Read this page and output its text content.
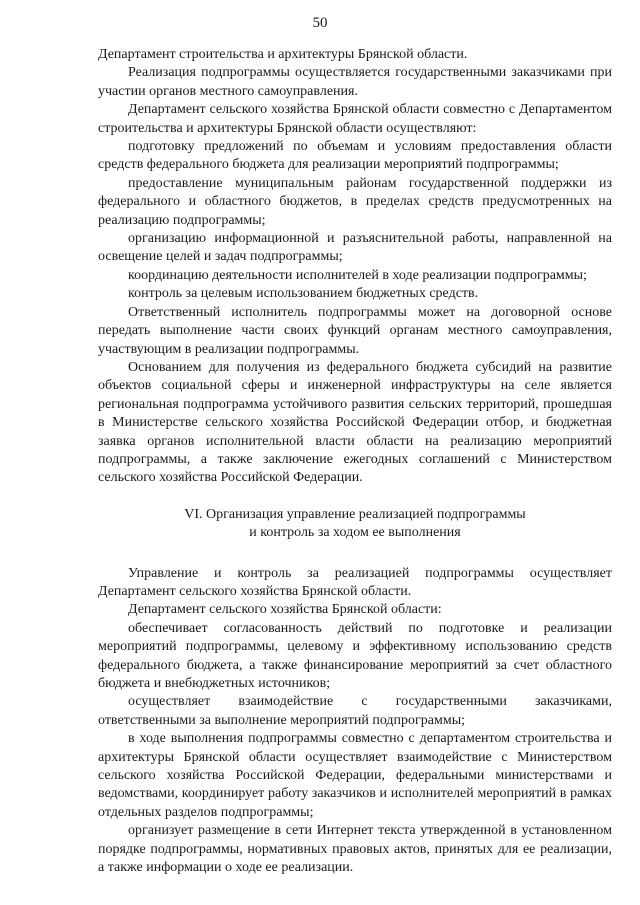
50

Департамент строительства и архитектуры Брянской области.

Реализация подпрограммы осуществляется государственными заказчиками при участии органов местного самоуправления.

Департамент сельского хозяйства Брянской области совместно с Департаментом строительства и архитектуры Брянской области осуществляют:

подготовку предложений по объемам и условиям предоставления области средств федерального бюджета для реализации мероприятий подпрограммы;

предоставление муниципальным районам государственной поддержки из федерального и областного бюджетов, в пределах средств предусмотренных на реализацию подпрограммы;

организацию информационной и разъяснительной работы, направленной на освещение целей и задач подпрограммы;

координацию деятельности исполнителей в ходе реализации подпрограммы;

контроль за целевым использованием бюджетных средств.

Ответственный исполнитель подпрограммы может на договорной основе передать выполнение части своих функций органам местного самоуправления, участвующим в реализации подпрограммы.

Основанием для получения из федерального бюджета субсидий на развитие объектов социальной сферы и инженерной инфраструктуры на селе является региональная подпрограмма устойчивого развития сельских территорий, прошедшая в Министерстве сельского хозяйства Российской Федерации отбор, и бюджетная заявка органов исполнительной власти области на реализацию мероприятий подпрограммы, а также заключение ежегодных соглашений с Министерством сельского хозяйства Российской Федерации.

VI. Организация управление реализацией подпрограммы
и контроль за ходом ее выполнения

Управление и контроль за реализацией подпрограммы осуществляет Департамент сельского хозяйства Брянской области.

Департамент сельского хозяйства Брянской области:

обеспечивает согласованность действий по подготовке и реализации мероприятий подпрограммы, целевому и эффективному использованию средств федерального бюджета, а также финансирование мероприятий за счет областного бюджета и внебюджетных источников;

осуществляет взаимодействие с государственными заказчиками, ответственными за выполнение мероприятий подпрограммы;

в ходе выполнения подпрограммы совместно с департаментом строительства и архитектуры Брянской области осуществляет взаимодействие с Министерством сельского хозяйства Российской Федерации, федеральными министерствами и ведомствами, координирует работу заказчиков и исполнителей мероприятий в рамках отдельных разделов подпрограммы;

организует размещение в сети Интернет текста утвержденной в установленном порядке подпрограммы, нормативных правовых актов, принятых для ее реализации, а также информации о ходе ее реализации.
